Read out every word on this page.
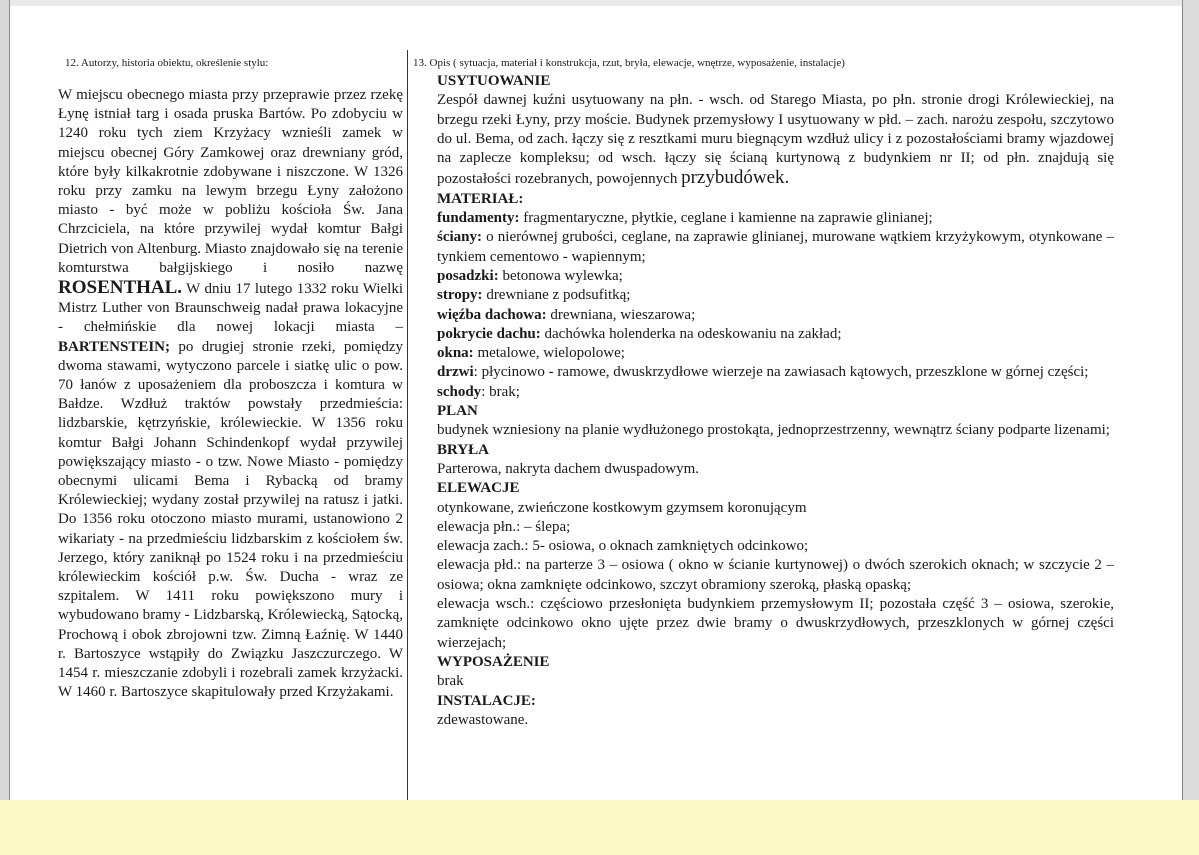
12. Autorzy, historia obiektu, określenie stylu:
W miejscu obecnego miasta przy przeprawie przez rzekę Łynę istniał targ i osada pruska Bartów. Po zdobyciu w 1240 roku tych ziem Krzyżacy wznieśli zamek w miejscu obecnej Góry Zamkowej oraz drewniany gród, które były kilkakrotnie zdobywane i niszczone. W 1326 roku przy zamku na lewym brzegu Łyny założono miasto - być może w pobliżu kościoła Św. Jana Chrzciciela, na które przywilej wydał komtur Bałgi Dietrich von Altenburg. Miasto znajdowało się na terenie komturstwa bałgijskiego i nosiło nazwę ROSENTHAL. W dniu 17 lutego 1332 roku Wielki Mistrz Luther von Braunschweig nadał prawa lokacyjne - chełmińskie dla nowej lokacji miasta – BARTENSTEIN; po drugiej stronie rzeki, pomiędzy dwoma stawami, wytyczono parcele i siatkę ulic o pow. 70 łanów z uposażeniem dla proboszcza i komtura w Bałdze. Wzdłuż traktów powstały przedmieścia: lidzbarskie, kętrzyńskie, królewieckie. W 1356 roku komtur Bałgi Johann Schindenkopf wydał przywilej powiększający miasto - o tzw. Nowe Miasto - pomiędzy obecnymi ulicami Bema i Rybacką od bramy Królewieckiej; wydany został przywilej na ratusz i jatki. Do 1356 roku otoczono miasto murami, ustanowiono 2 wikariaty - na przedmieściu lidzbarskim z kościołem św. Jerzego, który zaniknął po 1524 roku i na przedmieściu królewieckim kościół p.w. Św. Ducha - wraz ze szpitalem. W 1411 roku powiększono mury i wybudowano bramy - Lidzbarską, Królewiecką, Sątocką, Prochową i obok zbrojowni tzw. Zimną Łaźnię. W 1440 r. Bartoszyce wstąpiły do Związku Jaszczurczego. W 1454 r. mieszczanie zdobyli i rozebrali zamek krzyżacki. W 1460 r. Bartoszyce skapitulowały przed Krzyżakami.
13. Opis ( sytuacja, materiał i konstrukcja, rzut, bryła, elewacje, wnętrze, wyposażenie, instalacje)

USYTUOWANIE

Zespół dawnej kuźni usytuowany na płn. - wsch. od Starego Miasta, po płn. stronie drogi Królewieckiej, na brzegu rzeki Łyny, przy moście. Budynek przemysłowy I usytuowany w płd. – zach. narożu zespołu, szczytowo do ul. Bema, od zach. łączy się z resztkami muru biegnącym wzdłuż ulicy i z pozostałościami bramy wjazdowej na zaplecze kompleksu; od wsch. łączy się ścianą kurtynową z budynkiem nr II; od płn. znajdują się pozostałości rozebranych, powojennych przybudówek.

MATERIAŁ:

fundamenty: fragmentaryczne, płytkie, ceglane i kamienne na zaprawie glinianej;

ściany: o nierównej grubości, ceglane, na zaprawie glinianej, murowane wątkiem krzyżykowym, otynkowane – tynkiem cementowo - wapiennym;

posadzki: betonowa wylewka;

stropy: drewniane z podsufitką;

więźba dachowa: drewniana, wieszarowa;

pokrycie dachu: dachówka holenderka na odeskowaniu na zakład;

okna: metalowe, wielopolowe;

drzwi: płycinowo - ramowe, dwuskrzydłowe wierzeje na zawiasach kątowych, przeszklone w górnej części;

schody: brak;

PLAN

budynek wzniesiony na planie wydłużonego prostokąta, jednoprzestrzenny, wewnątrz ściany podparte lizenami;

BRYŁA

Parterowa, nakryta dachem dwuspadowym.

ELEWACJE

otynkowane, zwieńczone kostkowym gzymsem koronującym

elewacja płn.: – ślepa;

elewacja zach.: 5- osiowa, o oknach zamkniętych odcinkowo;

elewacja płd.: na parterze 3 – osiowa ( okno w ścianie kurtynowej) o dwóch szerokich oknach; w szczycie 2 – osiowa; okna zamknięte odcinkowo, szczyt obramiony szeroką, płaską opaską;

elewacja wsch.: częściowo przesłonięta budynkiem przemysłowym II; pozostała część 3 – osiowa, szerokie, zamknięte odcinkowo okno ujęte przez dwie bramy o dwuskrzydłowych, przeszklonych w górnej części wierzejach;

WYPOSAŻENIE

brak

INSTALACJE:

zdewastowane.
